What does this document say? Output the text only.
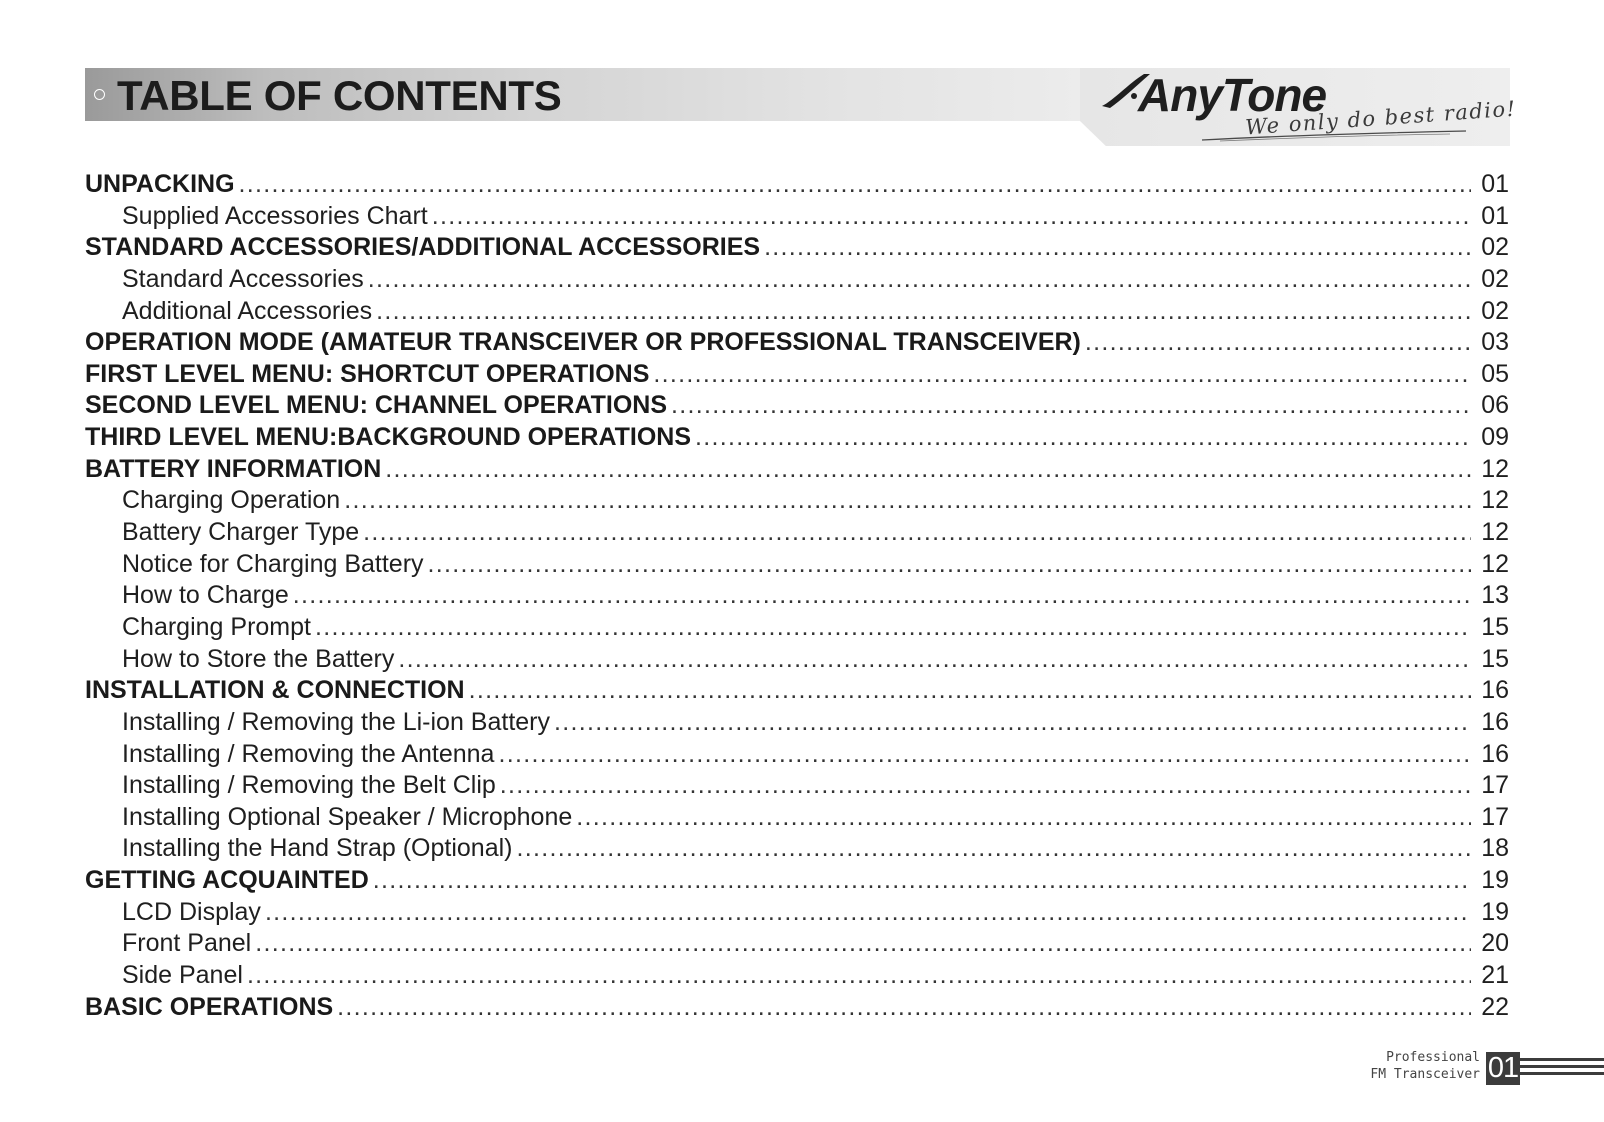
TABLE OF CONTENTS	AnyTone
We only do best radio!
UNPACKING .....	01
Supplied Accessories Chart .....	01
STANDARD ACCESSORIES/ADDITIONAL ACCESSORIES .....	02
Standard Accessories .....	02
Additional Accessories .....	02
OPERATION MODE (AMATEUR TRANSCEIVER OR PROFESSIONAL TRANSCEIVER) .....	03
FIRST LEVEL MENU: SHORTCUT OPERATIONS .....	05
SECOND LEVEL MENU: CHANNEL OPERATIONS .....	06
THIRD LEVEL MENU:BACKGROUND OPERATIONS .....	09
BATTERY INFORMATION .....	12
Charging Operation .....	12
Battery Charger Type .....	12
Notice for Charging Battery .....	12
How to Charge .....	13
Charging Prompt .....	15
How to Store the Battery .....	15
INSTALLATION & CONNECTION .....	16
Installing / Removing the Li-ion Battery .....	16
Installing / Removing the Antenna .....	16
Installing / Removing the Belt Clip .....	17
Installing Optional Speaker / Microphone .....	17
Installing the Hand Strap (Optional) .....	18
GETTING ACQUAINTED .....	19
LCD Display .....	19
Front Panel .....	20
Side Panel .....	21
BASIC OPERATIONS .....	22
Professional
FM Transceiver 01
